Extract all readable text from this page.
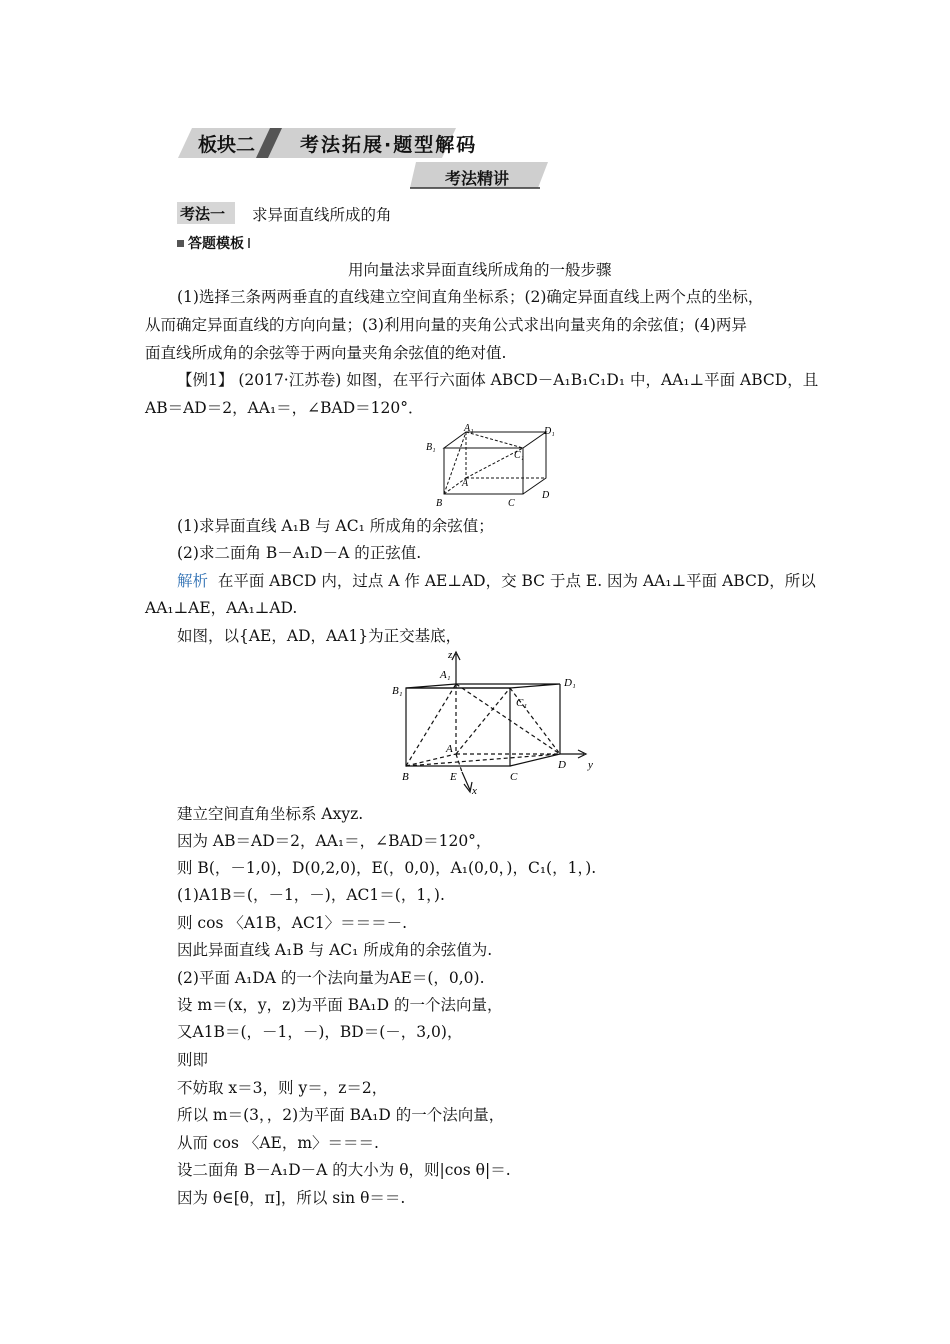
板块二 考法拓展·题型解码
考法精讲
考法一 求异面直线所成的角
答题模板
用向量法求异面直线所成角的一般步骤
(1)选择三条两两垂直的直线建立空间直角坐标系；(2)确定异面直线上两个点的坐标，
从而确定异面直线的方向向量；(3)利用向量的夹角公式求出向量夹角的余弦值；(4)两异
面直线所成角的余弦等于两向量夹角余弦值的绝对值.
【例1】 (2017·江苏卷) 如图，在平行六面体 ABCD－A₁B₁C₁D₁ 中，AA₁⊥平面 ABCD，且
AB＝AD＝2，AA₁＝，∠BAD＝120°．
A₁	D₁
B₁
C₁
A
B	C
D
(1)求异面直线 A₁B 与 AC₁ 所成角的余弦值；
(2)求二面角 B－A₁D－A 的正弦值.
解析 在平面 ABCD 内，过点 A 作 AE⊥AD，交 BC 于点 E. 因为 AA₁⊥平面 ABCD，所以
AA₁⊥AE，AA₁⊥AD.
如图，以{AE，AD，AA1}为正交基底，
z
A₁
D₁
B₁
C₁
A
B	E	C
D y
x
建立空间直角坐标系 Axyz.
因为 AB＝AD＝2，AA₁＝，∠BAD＝120°，
则 B(，－1,0)，D(0,2,0)，E(，0,0)，A₁(0,0，)，C₁(，1，).
(1)A1B＝(，－1，－)，AC1＝(，1，).
则 cos 〈A1B，AC1〉＝＝＝－.
因此异面直线 A₁B 与 AC₁ 所成角的余弦值为.
(2)平面 A₁DA 的一个法向量为AE＝(，0,0).
设 m＝(x，y，z)为平面 BA₁D 的一个法向量，
又A1B＝(，－1，－)，BD＝(－，3,0)，
则即
不妨取 x＝3，则 y＝，z＝2，
所以 m＝(3，，2)为平面 BA₁D 的一个法向量，
从而 cos 〈AE，m〉＝＝＝.
设二面角 B－A₁D－A 的大小为 θ，则|cos θ|＝.
因为 θ∈[θ，π]，所以 sin θ＝＝.
